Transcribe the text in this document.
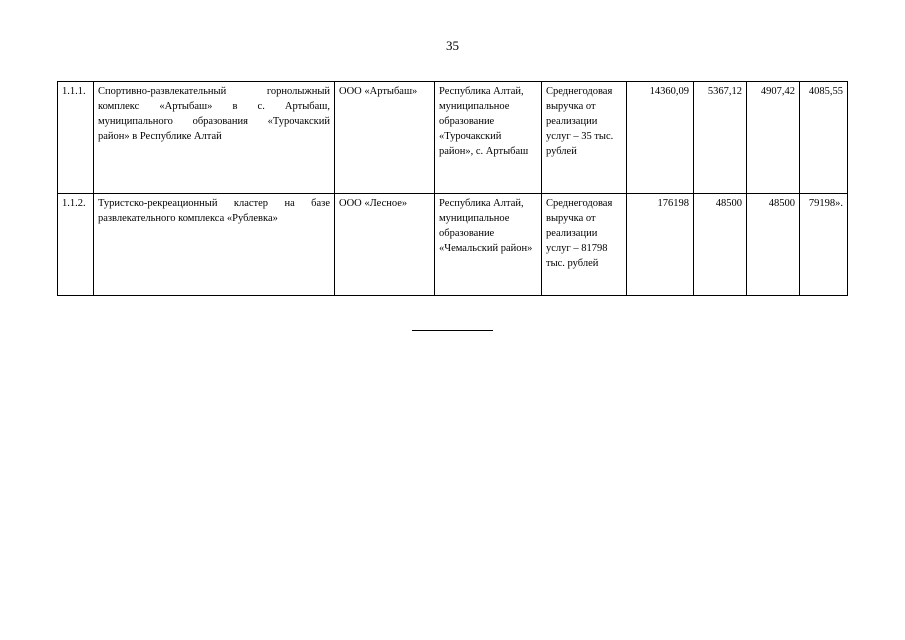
35
1.1.1.	Спортивно-развлекательный горнолыжный комплекс «Артыбаш» в с. Артыбаш, муниципального образования «Турочакский район» в Республике Алтай	ООО «Артыбаш»	Республика Алтай, муниципальное образование «Турочакский район», с. Артыбаш	Среднегодовая выручка от реализации услуг – 35 тыс. рублей	14360,09	5367,12	4907,42	4085,55
1.1.2.	Туристско-рекреационный кластер на базе развлекательного комплекса «Рублевка»	ООО «Лесное»	Республика Алтай, муниципальное образование «Чемальский район»	Среднегодовая выручка от реализации услуг – 81798 тыс. рублей	176198	48500	48500	79198».
